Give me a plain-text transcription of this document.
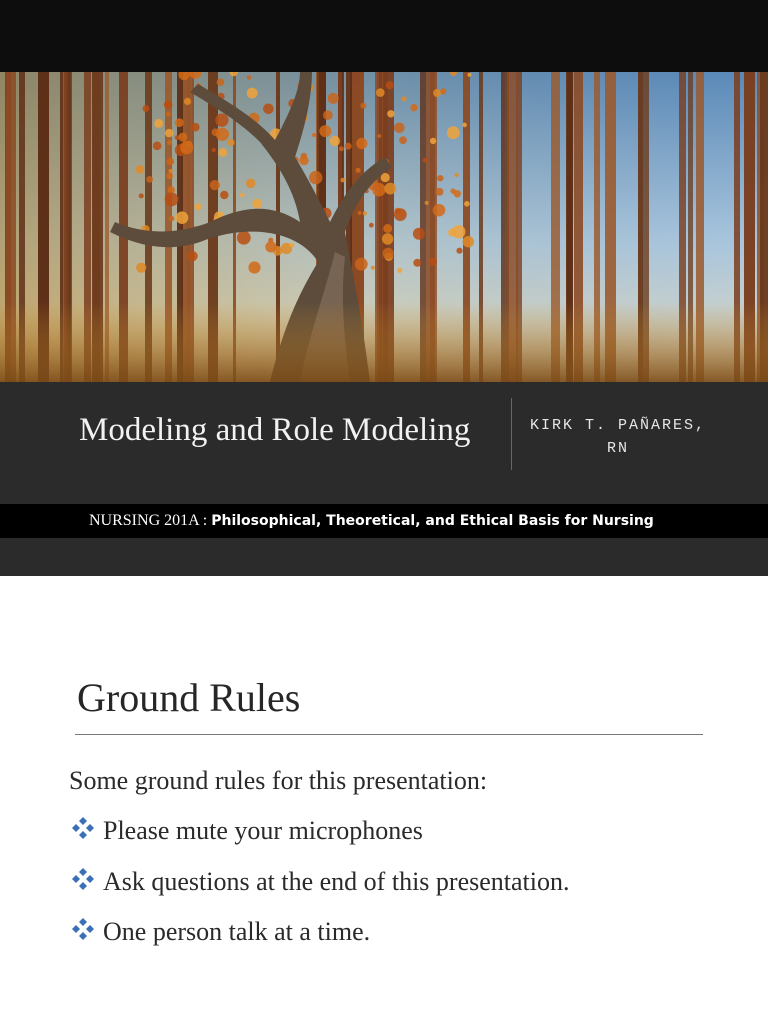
Modeling and Role Modeling	KIRK T. PAÑARES,
RN
NURSING 201A : Philosophical, Theoretical, and Ethical Basis for Nursing
Ground Rules
Some ground rules for this presentation:
Please mute your microphones
Ask questions at the end of this presentation.
One person talk at a time.
